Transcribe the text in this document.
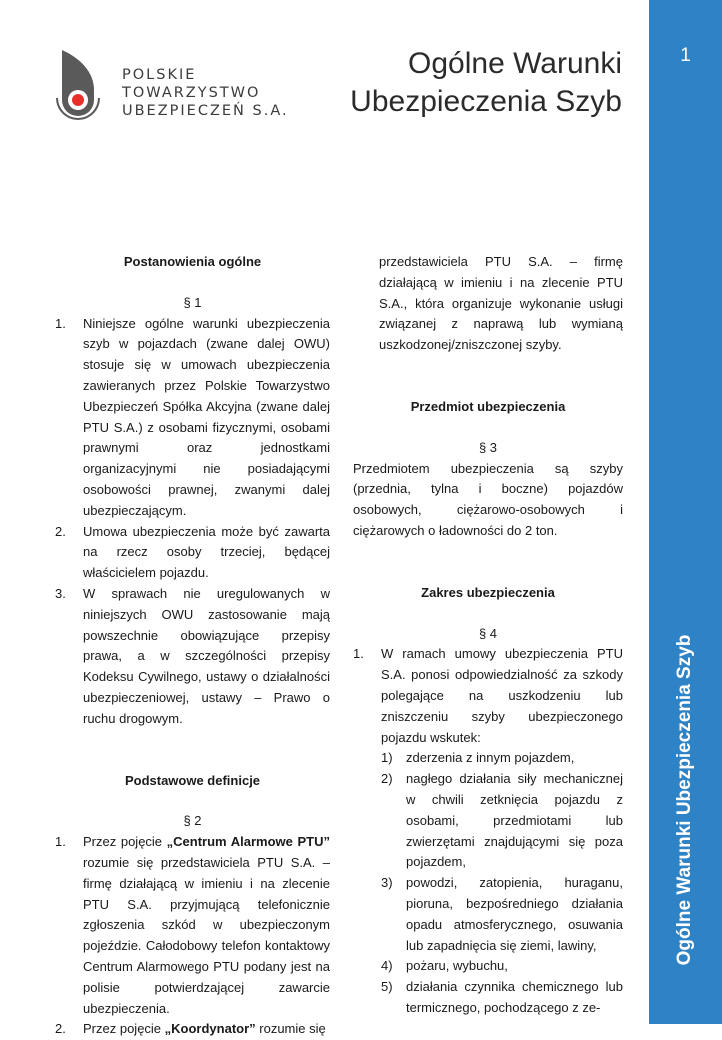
POLSKIE
TOWARZYSTWO
UBEZPIECZEŃ S.A.
Ogólne Warunki
Ubezpieczenia Szyb
1
Ogólne Warunki Ubezpieczenia Szyb

Postanowienia ogólne

§ 1

1. Niniejsze ogólne warunki ubezpieczenia szyb w pojazdach (zwane dalej OWU) stosuje się w umowach ubezpieczenia zawieranych przez Polskie Towarzystwo Ubezpieczeń Spółka Akcyjna (zwane dalej PTU S.A.) z osobami fizycznymi, osobami prawnymi oraz jednostkami organizacyjnymi nie posiadającymi osobowości prawnej, zwanymi dalej ubezpieczającym.
2. Umowa ubezpieczenia może być zawarta na rzecz osoby trzeciej, będącej właścicielem pojazdu.
3. W sprawach nie uregulowanych w niniejszych OWU zastosowanie mają powszechnie obowiązujące przepisy prawa, a w szczególności przepisy Kodeksu Cywilnego, ustawy o działalności ubezpieczeniowej, ustawy – Prawo o ruchu drogowym.

Podstawowe definicje

§ 2

1. Przez pojęcie „Centrum Alarmowe PTU” rozumie się przedstawiciela PTU S.A. – firmę działającą w imieniu i na zlecenie PTU S.A. przyjmującą telefonicznie zgłoszenia szkód w ubezpieczonym pojeździe. Całodobowy telefon kontaktowy Centrum Alarmowego PTU podany jest na polisie potwierdzającej zawarcie ubezpieczenia.
2. Przez pojęcie „Koordynator” rozumie się

przedstawiciela PTU S.A. – firmę działającą w imieniu i na zlecenie PTU S.A., która organizuje wykonanie usługi związanej z naprawą lub wymianą uszkodzonej/zniszczonej szyby.

Przedmiot ubezpieczenia

§ 3

Przedmiotem ubezpieczenia są szyby (przednia, tylna i boczne) pojazdów osobowych, ciężarowo-osobowych i ciężarowych o ładowności do 2 ton.

Zakres ubezpieczenia

§ 4

1. W ramach umowy ubezpieczenia PTU S.A. ponosi odpowiedzialność za szkody polegające na uszkodzeniu lub zniszczeniu szyby ubezpieczonego pojazdu wskutek:
1) zderzenia z innym pojazdem,
2) nagłego działania siły mechanicznej w chwili zetknięcia pojazdu z osobami, przedmiotami lub zwierzętami znajdującymi się poza pojazdem,
3) powodzi, zatopienia, huraganu, pioruna, bezpośredniego działania opadu atmosferycznego, osuwania lub zapadnięcia się ziemi, lawiny,
4) pożaru, wybuchu,
5) działania czynnika chemicznego lub termicznego, pochodzącego z ze-
